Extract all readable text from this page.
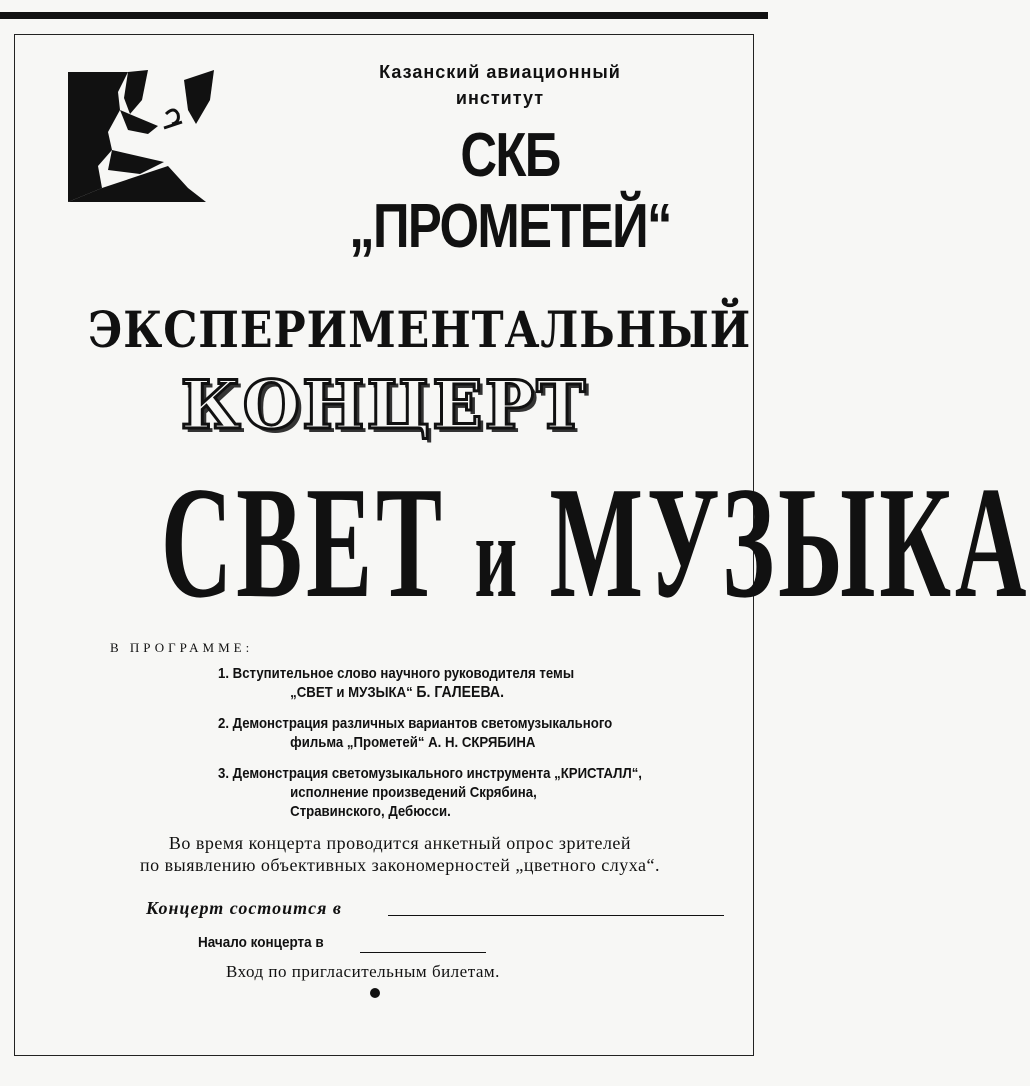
Казанский авиационный
институт
СКБ „ПРОМЕТЕЙ“
ЭКСПЕРИМЕНТАЛЬНЫЙ
КОНЦЕРТ
СВЕТ и МУЗЫКА
В ПРОГРАММЕ:
1. Вступительное слово научного руководителя темы
„СВЕТ и МУЗЫКА“ Б. ГАЛЕЕВА.
2. Демонстрация различных вариантов светомузыкального
фильма „Прометей“ А. Н. СКРЯБИНА
3. Демонстрация светомузыкального инструмента „КРИСТАЛЛ“,
исполнение произведений Скрябина,
Стравинского, Дебюсси.
Во время концерта проводится анкетный опрос зрителей
по выявлению объективных закономерностей „цветного слуха“.
Концерт состоится в
Начало концерта в
Вход по пригласительным билетам.
